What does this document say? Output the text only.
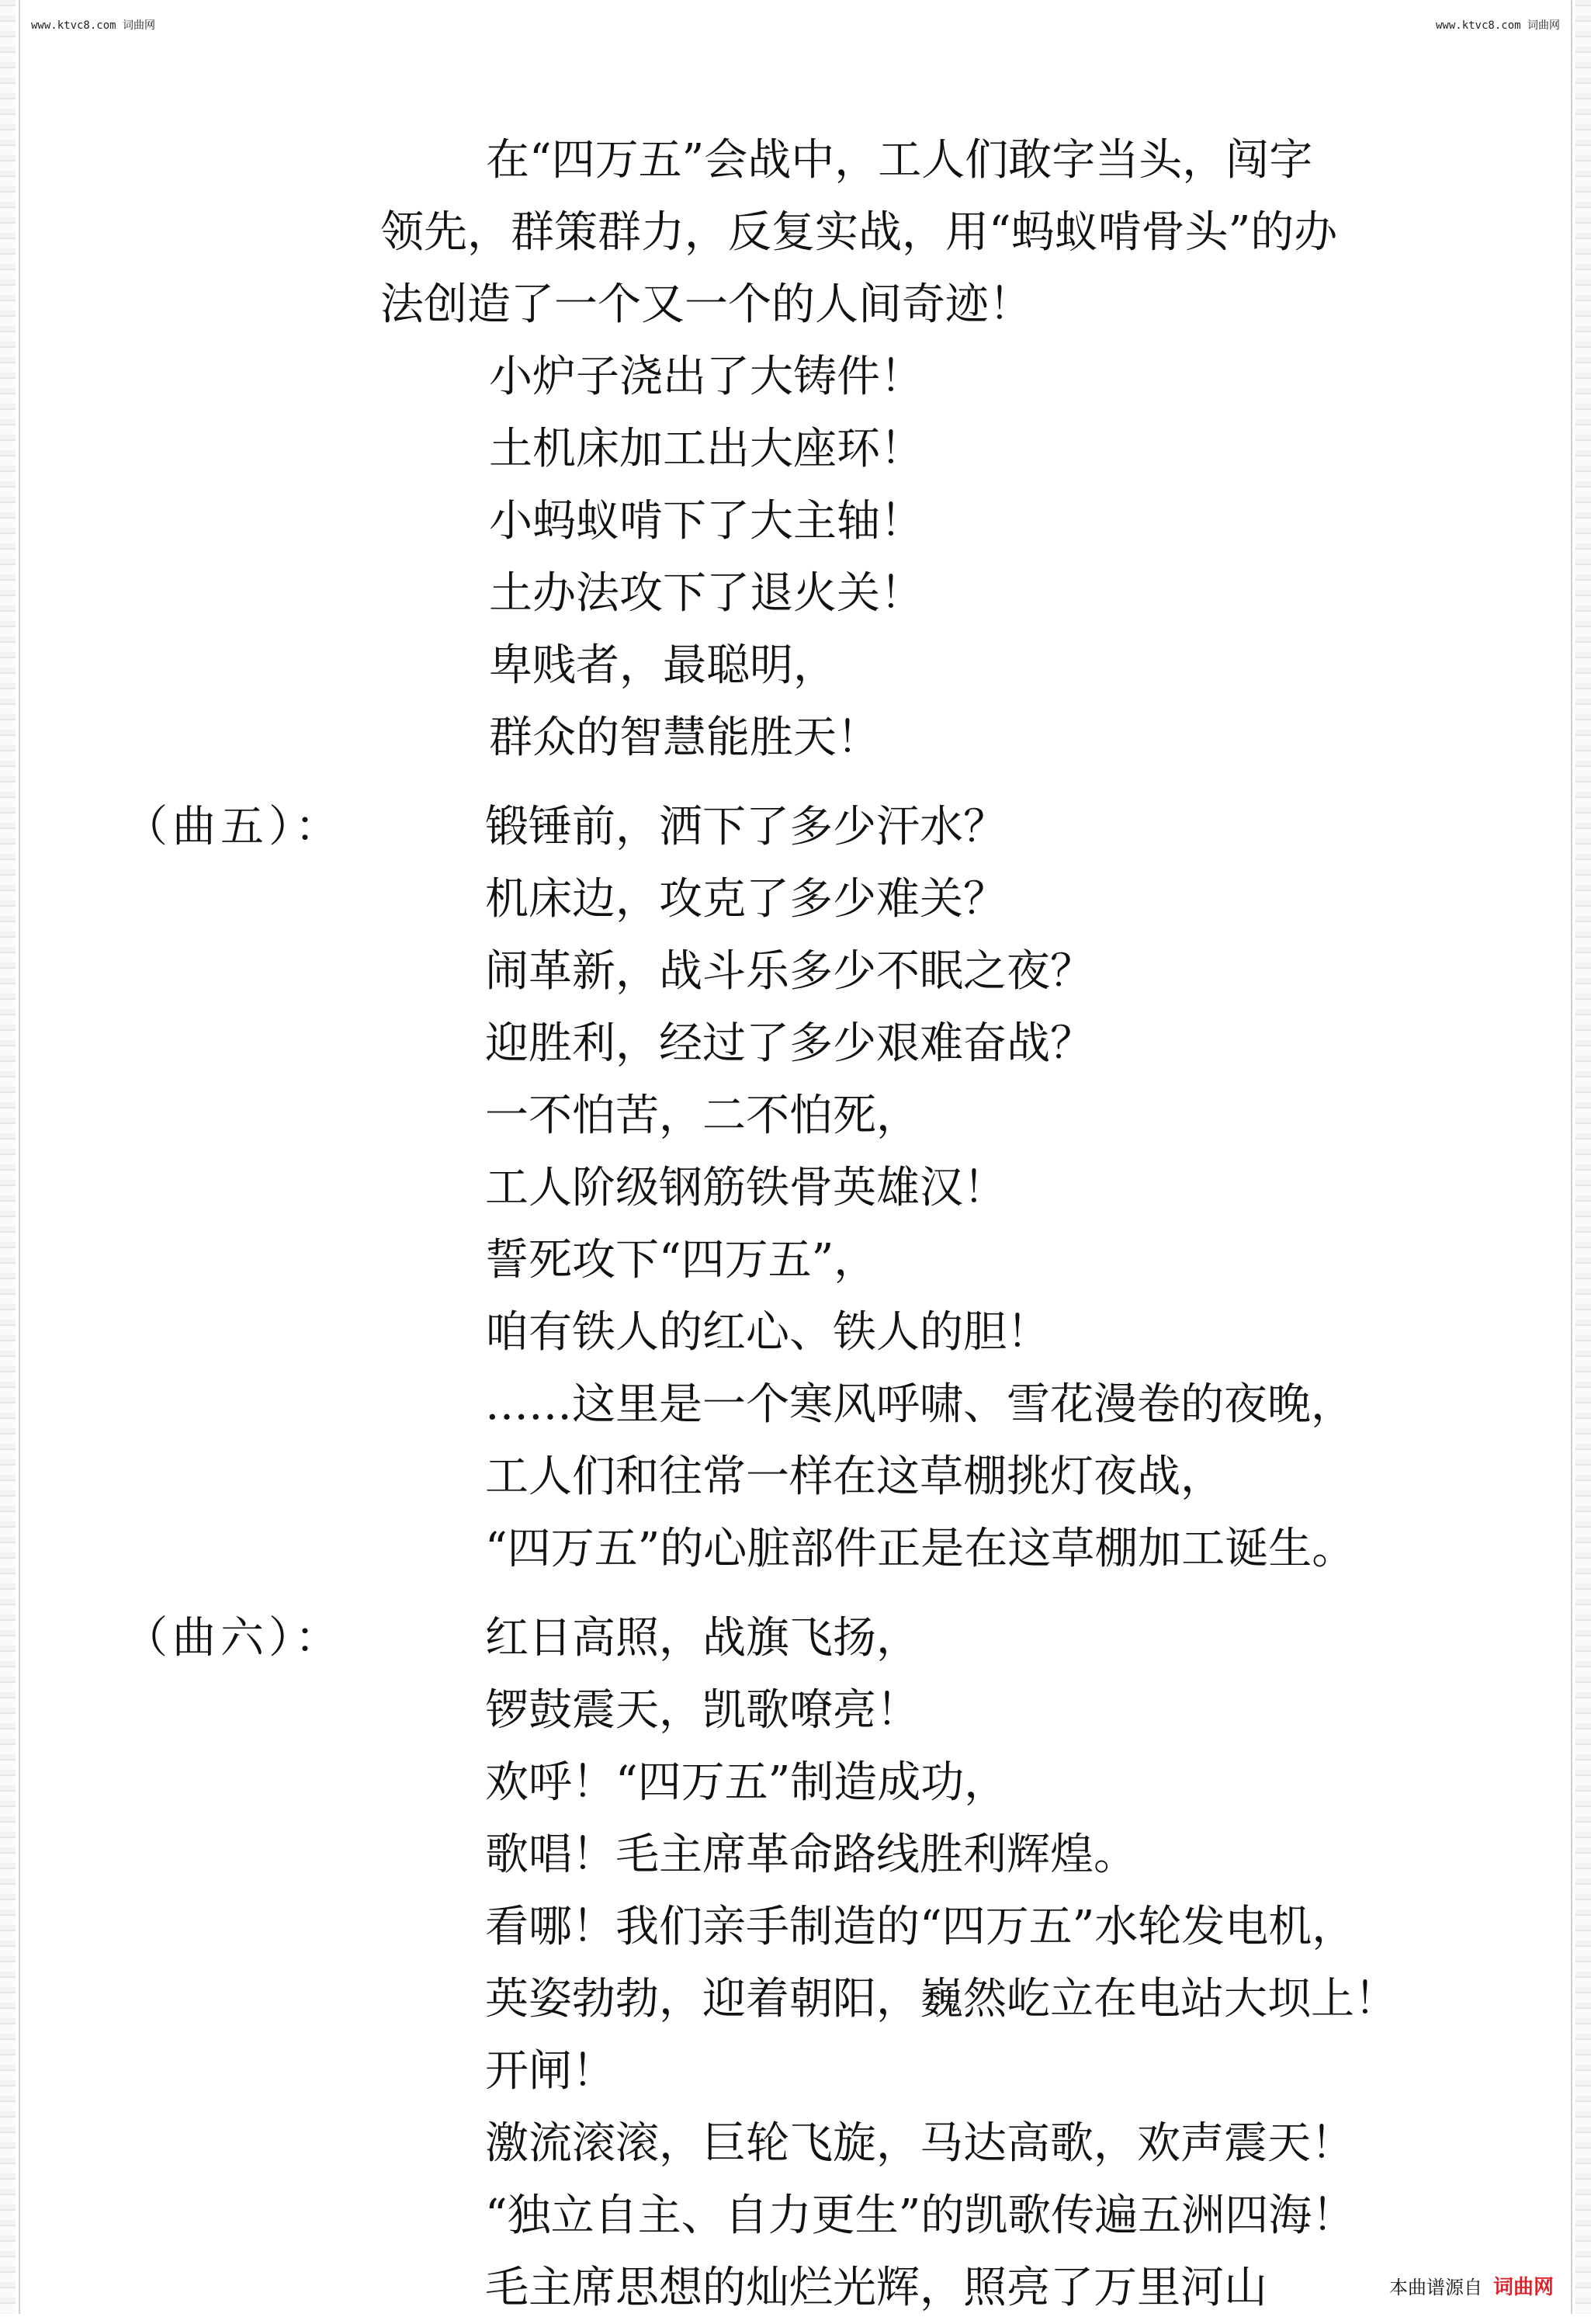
www.ktvc8.com 词曲网	www.ktvc8.com 词曲网
在“四万五”会战中，工人们敢字当头，闯字
领先，群策群力，反复实战，用“蚂蚁啃骨头”的办
法创造了一个又一个的人间奇迹！
小炉子浇出了大铸件！
土机床加工出大座环！
小蚂蚁啃下了大主轴！
土办法攻下了退火关！
卑贱者，最聪明，
群众的智慧能胜天！
（曲五）：	锻锤前，洒下了多少汗水？
机床边，攻克了多少难关？
闹革新，战斗乐多少不眠之夜？
迎胜利，经过了多少艰难奋战？
一不怕苦，二不怕死，
工人阶级钢筋铁骨英雄汉！
誓死攻下“四万五”，
咱有铁人的红心、铁人的胆！
……这里是一个寒风呼啸、雪花漫卷的夜晚，
工人们和往常一样在这草棚挑灯夜战，
“四万五”的心脏部件正是在这草棚加工诞生。
（曲六）：	红日高照，战旗飞扬，
锣鼓震天，凯歌嘹亮！
欢呼！“四万五”制造成功，
歌唱！毛主席革命路线胜利辉煌。
看哪！我们亲手制造的“四万五”水轮发电机，
英姿勃勃，迎着朝阳，巍然屹立在电站大坝上！
开闸！
激流滚滚，巨轮飞旋，马达高歌，欢声震天！
“独立自主、自力更生”的凯歌传遍五洲四海！
毛主席思想的灿烂光辉，照亮了万里河山	本曲谱源自 词曲网
